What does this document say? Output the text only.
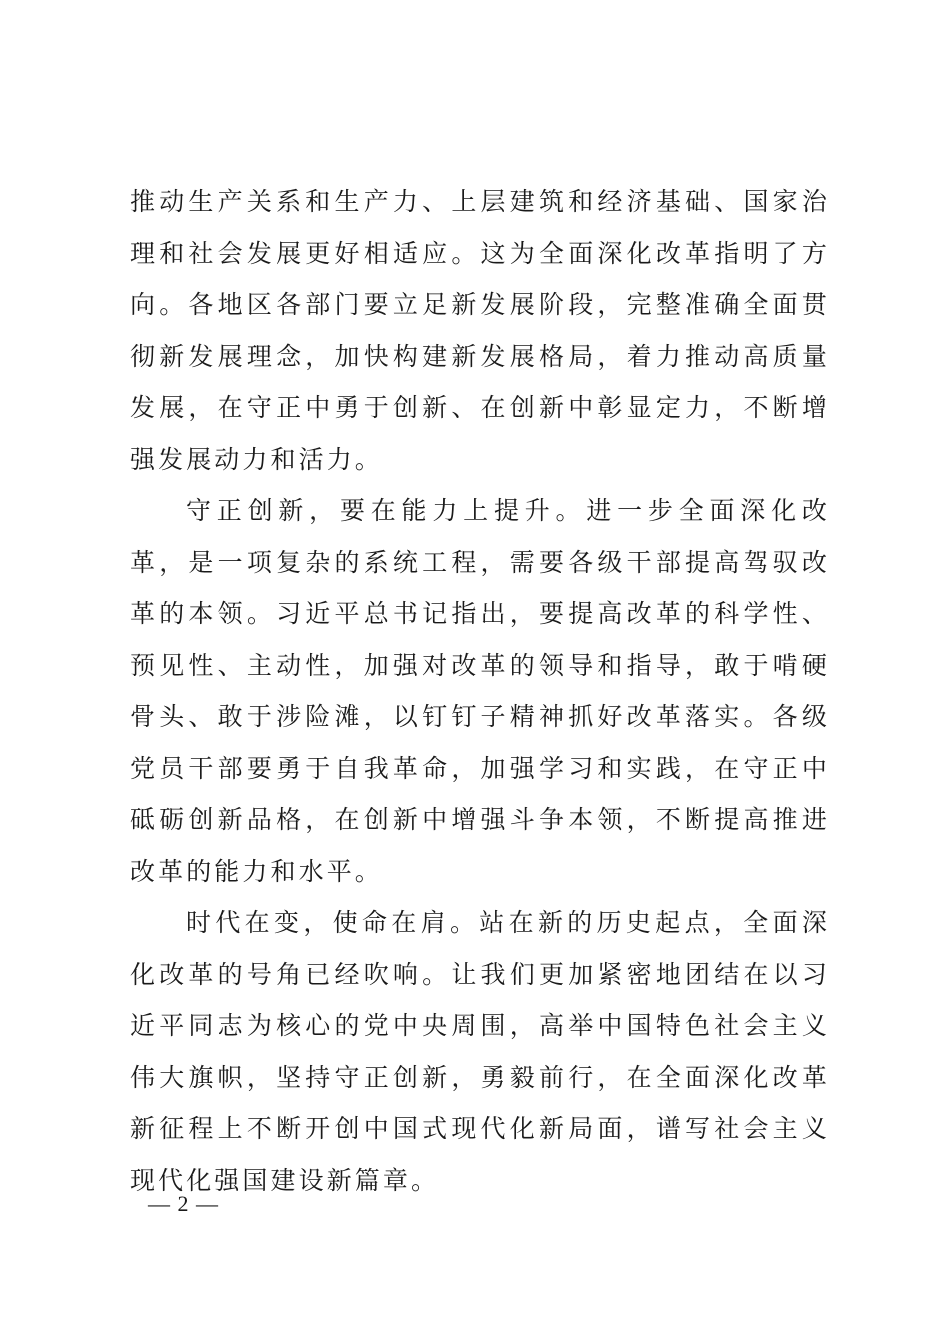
推动生产关系和生产力、上层建筑和经济基础、国家治理和社会发展更好相适应。这为全面深化改革指明了方向。各地区各部门要立足新发展阶段，完整准确全面贯彻新发展理念，加快构建新发展格局，着力推动高质量发展，在守正中勇于创新、在创新中彰显定力，不断增强发展动力和活力。

守正创新，要在能力上提升。进一步全面深化改革，是一项复杂的系统工程，需要各级干部提高驾驭改革的本领。习近平总书记指出，要提高改革的科学性、预见性、主动性，加强对改革的领导和指导，敢于啃硬骨头、敢于涉险滩，以钉钉子精神抓好改革落实。各级党员干部要勇于自我革命，加强学习和实践，在守正中砥砺创新品格，在创新中增强斗争本领，不断提高推进改革的能力和水平。

时代在变，使命在肩。站在新的历史起点，全面深化改革的号角已经吹响。让我们更加紧密地团结在以习近平同志为核心的党中央周围，高举中国特色社会主义伟大旗帜，坚持守正创新，勇毅前行，在全面深化改革新征程上不断开创中国式现代化新局面，谱写社会主义现代化强国建设新篇章。

— 2 —
